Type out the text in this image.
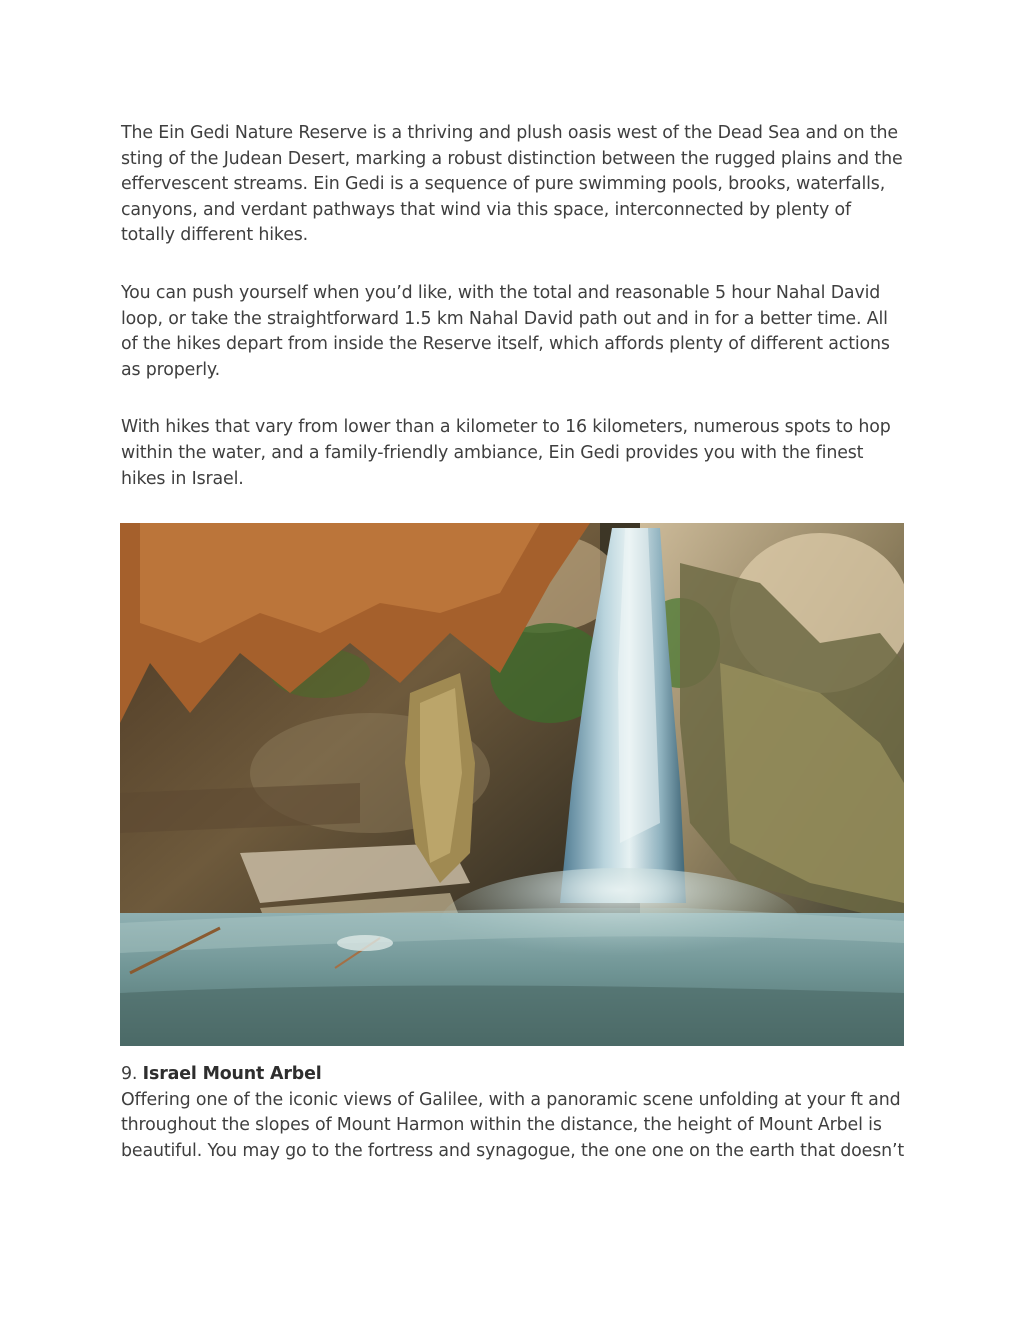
The Ein Gedi Nature Reserve is a thriving and plush oasis west of the Dead Sea and on the sting of the Judean Desert, marking a robust distinction between the rugged plains and the effervescent streams. Ein Gedi is a sequence of pure swimming pools, brooks, waterfalls, canyons, and verdant pathways that wind via this space, interconnected by plenty of totally different hikes.

You can push yourself when you’d like, with the total and reasonable 5 hour Nahal David loop, or take the straightforward 1.5 km Nahal David path out and in for a better time. All of the hikes depart from inside the Reserve itself, which affords plenty of different actions as properly.

With hikes that vary from lower than a kilometer to 16 kilometers, numerous spots to hop within the water, and a family-friendly ambiance, Ein Gedi provides you with the finest hikes in Israel.

9. Israel Mount Arbel

Offering one of the iconic views of Galilee, with a panoramic scene unfolding at your ft and throughout the slopes of Mount Harmon within the distance, the height of Mount Arbel is beautiful. You may go to the fortress and synagogue, the one one on the earth that doesn’t
